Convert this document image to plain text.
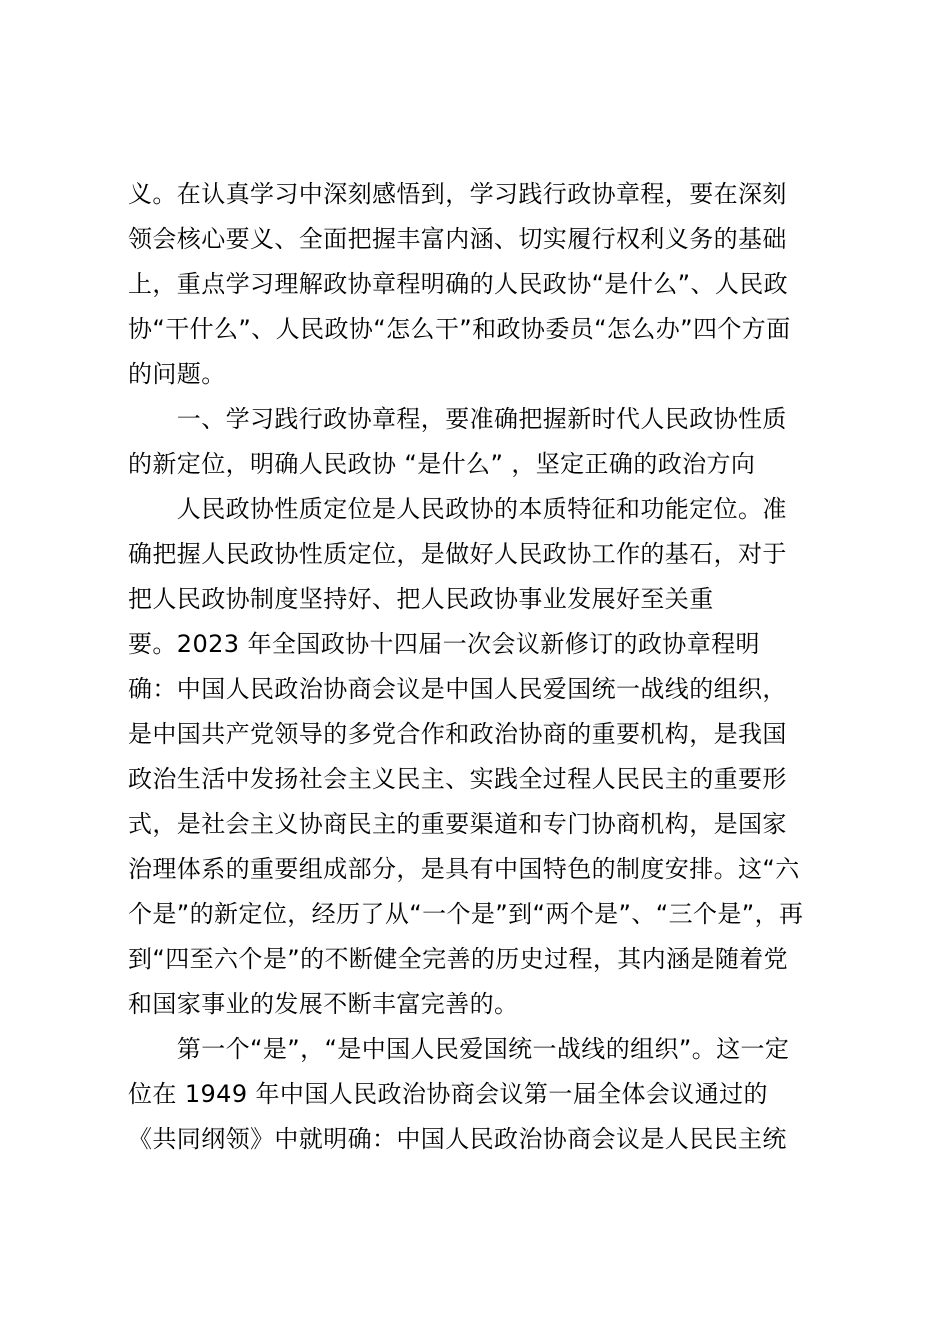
义。在认真学习中深刻感悟到，学习践行政协章程，要在深刻
领会核心要义、全面把握丰富内涵、切实履行权利义务的基础
上，重点学习理解政协章程明确的人民政协“是什么”、人民政
协“干什么”、人民政协“怎么干”和政协委员“怎么办”四个方面
的问题。
　　一、学习践行政协章程，要准确把握新时代人民政协性质
的新定位，明确人民政协 “是什么” ，坚定正确的政治方向
　　人民政协性质定位是人民政协的本质特征和功能定位。准
确把握人民政协性质定位，是做好人民政协工作的基石，对于
把人民政协制度坚持好、把人民政协事业发展好至关重
要。2023 年全国政协十四届一次会议新修订的政协章程明
确：中国人民政治协商会议是中国人民爱国统一战线的组织，
是中国共产党领导的多党合作和政治协商的重要机构，是我国
政治生活中发扬社会主义民主、实践全过程人民民主的重要形
式，是社会主义协商民主的重要渠道和专门协商机构，是国家
治理体系的重要组成部分，是具有中国特色的制度安排。这“六
个是”的新定位，经历了从“一个是”到“两个是”、“三个是”，再
到“四至六个是”的不断健全完善的历史过程，其内涵是随着党
和国家事业的发展不断丰富完善的。
　　第一个“是”，“是中国人民爱国统一战线的组织”。这一定
位在 1949 年中国人民政治协商会议第一届全体会议通过的
《共同纲领》中就明确：中国人民政治协商会议是人民民主统
